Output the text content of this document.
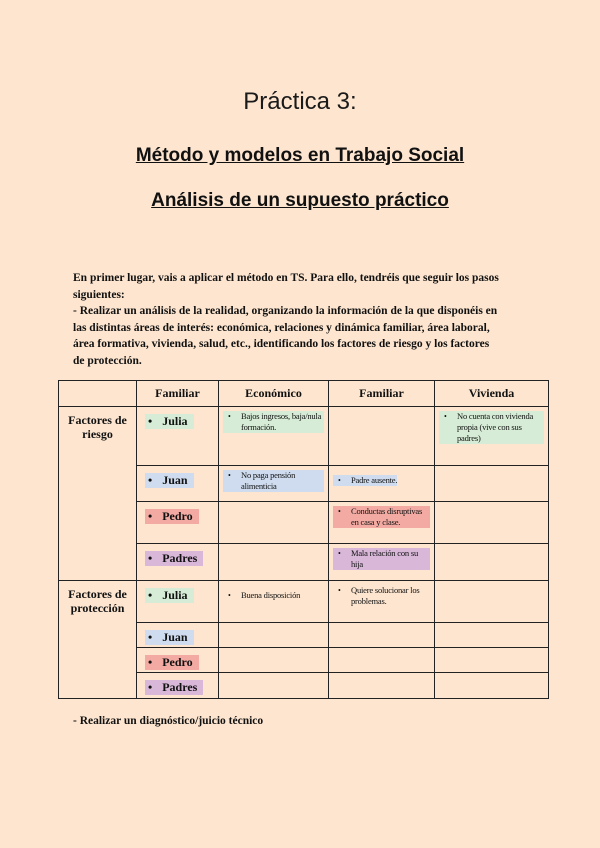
Práctica 3:
Método y modelos en Trabajo Social
Análisis de un supuesto práctico

En primer lugar, vais a aplicar el método en TS. Para ello, tendréis que seguir los pasos siguientes:

- Realizar un análisis de la realidad, organizando la información de la que disponéis en las distintas áreas de interés: económica, relaciones y dinámica familiar, área laboral, área formativa, vivienda, salud, etc., identificando los factores de riesgo y los factores de protección.

	Familiar	Económico	Familiar	Vivienda
Factores de riesgo	• Julia	• Bajos ingresos, baja/nula formación.		• No cuenta con vivienda propia (vive con sus padres)
	• Juan	• No paga pensión alimenticia	• Padre ausente.	
	• Pedro		• Conductas disruptivas en casa y clase.	
	• Padres		• Mala relación con su hija	
Factores de protección	• Julia	• Buena disposición	• Quiere solucionar los problemas.	
	• Juan			
	• Pedro			
	• Padres			
- Realizar un diagnóstico/juicio técnico
